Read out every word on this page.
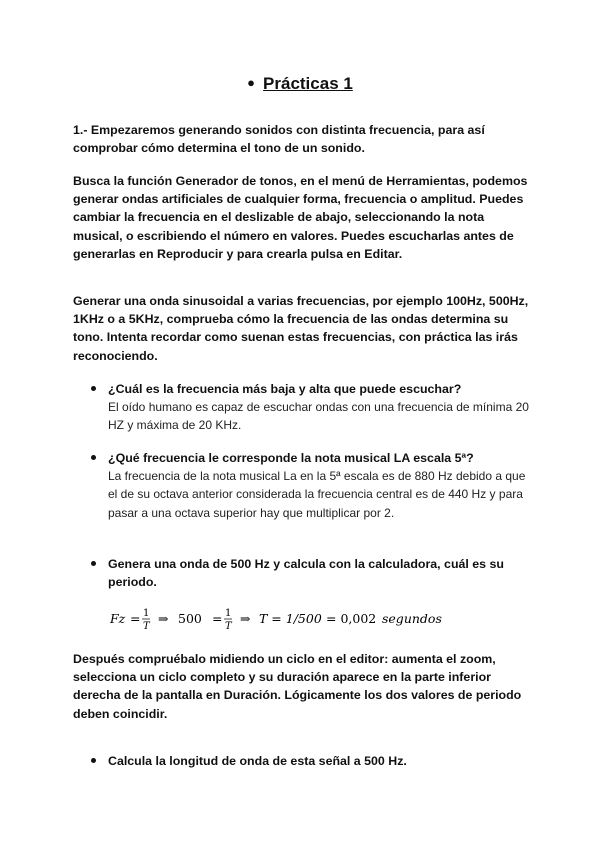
● Prácticas 1

1.- Empezaremos generando sonidos con distinta frecuencia, para así comprobar cómo determina el tono de un sonido.

Busca la función Generador de tonos, en el menú de Herramientas, podemos generar ondas artificiales de cualquier forma, frecuencia o amplitud. Puedes cambiar la frecuencia en el deslizable de abajo, seleccionando la nota musical, o escribiendo el número en valores. Puedes escucharlas antes de generarlas en Reproducir y para crearla pulsa en Editar.

Generar una onda sinusoidal a varias frecuencias, por ejemplo 100Hz, 500Hz, 1KHz o a 5KHz, comprueba cómo la frecuencia de las ondas determina su tono. Intenta recordar como suenan estas frecuencias, con práctica las irás reconociendo.

¿Cuál es la frecuencia más baja y alta que puede escuchar?
El oído humano es capaz de escuchar ondas con una frecuencia de mínima 20 HZ y máxima de 20 KHz.
¿Qué frecuencia le corresponde la nota musical LA escala 5ª?
La frecuencia de la nota musical La en la 5ª escala es de 880 Hz debido a que el de su octava anterior considerada la frecuencia central es de 440 Hz y para pasar a una octava superior hay que multiplicar por 2.
Genera una onda de 500 Hz y calcula con la calculadora, cuál es su periodo.
Fz = 1
T
⇒ 500 = 1
T
⇒ T = 1/500 = 0,002 segundos

Después compruébalo midiendo un ciclo en el editor: aumenta el zoom, selecciona un ciclo completo y su duración aparece en la parte inferior derecha de la pantalla en Duración. Lógicamente los dos valores de periodo deben coincidir.

Calcula la longitud de onda de esta señal a 500 Hz.
